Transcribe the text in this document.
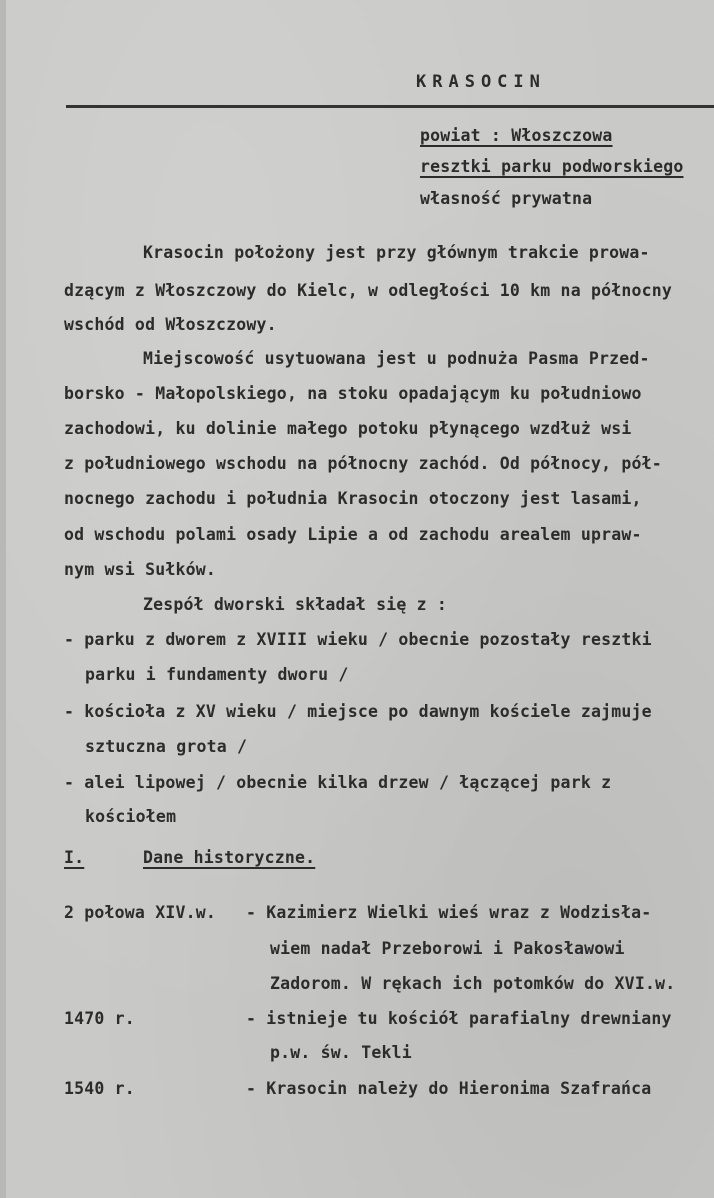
KRASOCIN
powiat : Włoszczowa
resztki parku podworskiego
własność prywatna
Krasocin położony jest przy głównym trakcie prowa-
dzącym z Włoszczowy do Kielc, w odległości 10 km na północny
wschód od Włoszczowy.
Miejscowość usytuowana jest u podnuża Pasma Przed-
borsko - Małopolskiego, na stoku opadającym ku południowo
zachodowi, ku dolinie małego potoku płynącego wzdłuż wsi
z południowego wschodu na północny zachód. Od północy, pół-
nocnego zachodu i południa Krasocin otoczony jest lasami,
od wschodu polami osady Lipie a od zachodu arealem upraw-
nym wsi Sułków.
Zespół dworski składał się z :
- parku z dworem z XVIII wieku / obecnie pozostały resztki
parku i fundamenty dworu /
- kościoła z XV wieku / miejsce po dawnym kościele zajmuje
sztuczna grota /
- alei lipowej / obecnie kilka drzew / łączącej park z
kościołem
I.	Dane historyczne.
2 połowa XIV.w. - Kazimierz Wielki wieś wraz z Wodzisła-
wiem nadał Przeborowi i Pakosławowi
Zadorom. W rękach ich potomków do XVI.w.
1470 r.	- istnieje tu kościół parafialny drewniany
p.w. św. Tekli
1540 r.	- Krasocin należy do Hieronima Szafrańca
